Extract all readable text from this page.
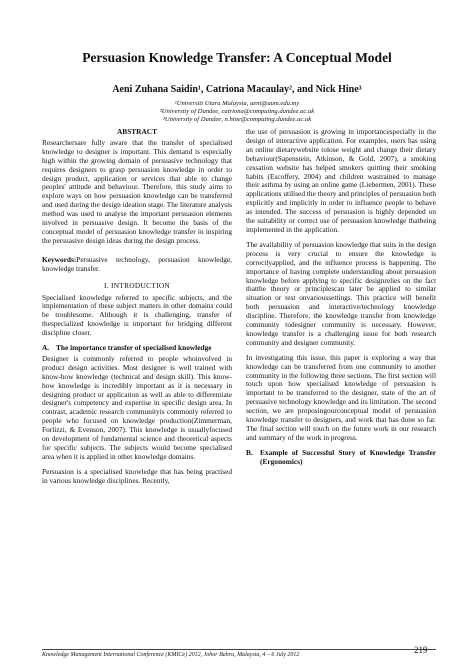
Persuasion Knowledge Transfer: A Conceptual Model
Aeni Zuhana Saidin¹, Catriona Macaulay², and Nick Hine³
¹Universiti Utara Malaysia, aeni@uum.edu.my
²University of Dundee, catriona@computing.dundee.ac.uk
³University of Dundee, n.hine@computing.dundee.ac.uk
ABSTRACT

Researchersare fully aware that the transfer of specialised knowledge to designer is important. This demand is especially high within the growing domain of persuasive technology that requires designers to grasp persuasion knowledge in order to design product, application or services that able to change peoples' attitude and behaviour. Therefore, this study aims to explore ways on how persuasion knowledge can be transferred and used during the design ideation stage. The literature analysis method was used to analyse the important persuasion elements involved in persuasive design. It become the basis of the conceptual model of persuasion knowledge transfer in inspiring the persuasive design ideas during the design process.

Keywords:Persuasive technology, persuasion knowledge, knowledge transfer.

I. INTRODUCTION

Specialised knowledge referred to specific subjects, and the implementation of these subject matters in other domains could be troublesome. Although it is challenging, transfer of thespecialized knowledge is important for bridging different discipline closer.

A. The importance transfer of specialised knowledge

Designer is commonly referred to people whoinvolved in product design activities. Most designer is well trained with know-how knowledge (technical and design skill). This know-how knowledge is incredibly important as it is necessary in designing product or application as well as able to differentiate designer's competency and expertise in specific design area. In contrast, academic research communityis commonly referred to people who focused on knowledge production(Zimmerman, Forlizzi, & Evenson, 2007). This knowledge is usuallyfocused on development of fundamental science and theoretical aspects for specific subjects. The subjects would become specialised area when it is applied in other knowledge domains.

Persuasion is a specialised knowledge that has being practised in various knowledge disciplines. Recently,

the use of persuasion is growing in importancespecially in the design of interactive application. For examples, users has using an online dietarywebsite tolose weight and change their dietary behaviour(Sapenstein, Atkinson, & Gold, 2007), a smoking cessation website has helped smokers quitting their smoking habits (Escoffery, 2004) and children wastrained to manage their asthma by using an online game (Liebermen, 2001). These applications utilised the theory and principles of persuasion both explicitly and implicitly in order to influence people to behave as intended. The success of persuasion is highly depended on the suitability or correct use of persuasion knowledge thatbeing implemented in the application.

The availability of persuasion knowledge that suits in the design process is very crucial to ensure the knowledge is correctlyapplied, and the influence process is happening. The importance of having complete understanding about persuasion knowledge before applying to specific designrelies on the fact thatthe theory or principlescan later be applied to similar situation or test onvarioussettings. This practice will benefit both persuasion and interactive/technology knowledge discipline. Therefore, the knowledge transfer from knowledge community todesigner community is necessary. However, knowledge transfer is a challenging issue for both research community and designer community.

In investigating this issue, this paper is exploring a way that knowledge can be transferred from one community to another community in the following three sections. The first section will touch upon how specialised knowledge of persuasion is important to be transferred to the designer, state of the art of persuasive technology knowledge and its limitation. The second section, we are proposingourconceptual model of persuasion knowledge transfer to designers, and work that has done so far. The final section will touch on the future work in our research and summary of the work in progress.

B. Example of Successful Story of Knowledge Transfer (Ergonomics)
Knowledge Management International Conference (KMICe) 2012, Johor Bahru, Malaysia, 4 – 6 July 2012	219
